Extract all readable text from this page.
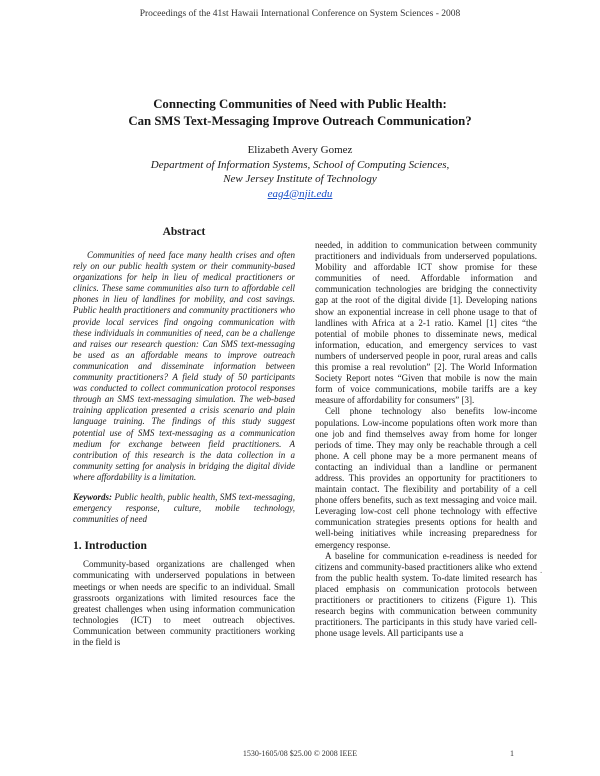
Proceedings of the 41st Hawaii International Conference on System Sciences - 2008
Connecting Communities of Need with Public Health:
Can SMS Text-Messaging Improve Outreach Communication?
Elizabeth Avery Gomez
Department of Information Systems, School of Computing Sciences,
New Jersey Institute of Technology
eag4@njit.edu
Abstract

Communities of need face many health crises and often rely on our public health system or their community-based organizations for help in lieu of medical practitioners or clinics. These same communities also turn to affordable cell phones in lieu of landlines for mobility, and cost savings. Public health practitioners and community practitioners who provide local services find ongoing communication with these individuals in communities of need, can be a challenge and raises our research question: Can SMS text-messaging be used as an affordable means to improve outreach communication and disseminate information between community practitioners? A field study of 50 participants was conducted to collect communication protocol responses through an SMS text-messaging simulation. The web-based training application presented a crisis scenario and plain language training. The findings of this study suggest potential use of SMS text-messaging as a communication medium for exchange between field practitioners. A contribution of this research is the data collection in a community setting for analysis in bridging the digital divide where affordability is a limitation.

Keywords: Public health, public health, SMS text-messaging, emergency response, culture, mobile technology, communities of need

1. Introduction

Community-based organizations are challenged when communicating with underserved populations in between meetings or when needs are specific to an individual. Small grassroots organizations with limited resources face the greatest challenges when using information communication technologies (ICT) to meet outreach objectives. Communication between community practitioners working in the field is

needed, in addition to communication between community practitioners and individuals from underserved populations. Mobility and affordable ICT show promise for these communities of need. Affordable information and communication technologies are bridging the connectivity gap at the root of the digital divide [1]. Developing nations show an exponential increase in cell phone usage to that of landlines with Africa at a 2-1 ratio. Kamel [1] cites “the potential of mobile phones to disseminate news, medical information, education, and emergency services to vast numbers of underserved people in poor, rural areas and calls this promise a real revolution” [2]. The World Information Society Report notes “Given that mobile is now the main form of voice communications, mobile tariffs are a key measure of affordability for consumers” [3].

Cell phone technology also benefits low-income populations. Low-income populations often work more than one job and find themselves away from home for longer periods of time. They may only be reachable through a cell phone. A cell phone may be a more permanent means of contacting an individual than a landline or permanent address. This provides an opportunity for practitioners to maintain contact. The flexibility and portability of a cell phone offers benefits, such as text messaging and voice mail. Leveraging low-cost cell phone technology with effective communication strategies presents options for health and well-being initiatives while increasing preparedness for emergency response.

A baseline for communication e-readiness is needed for citizens and community-based practitioners alike who extend from the public health system. To-date limited research has placed emphasis on communication protocols between practitioners or practitioners to citizens (Figure 1). This research begins with communication between community practitioners. The participants in this study have varied cell-phone usage levels. All participants use a

.
1530-1605/08 $25.00 © 2008 IEEE	1
